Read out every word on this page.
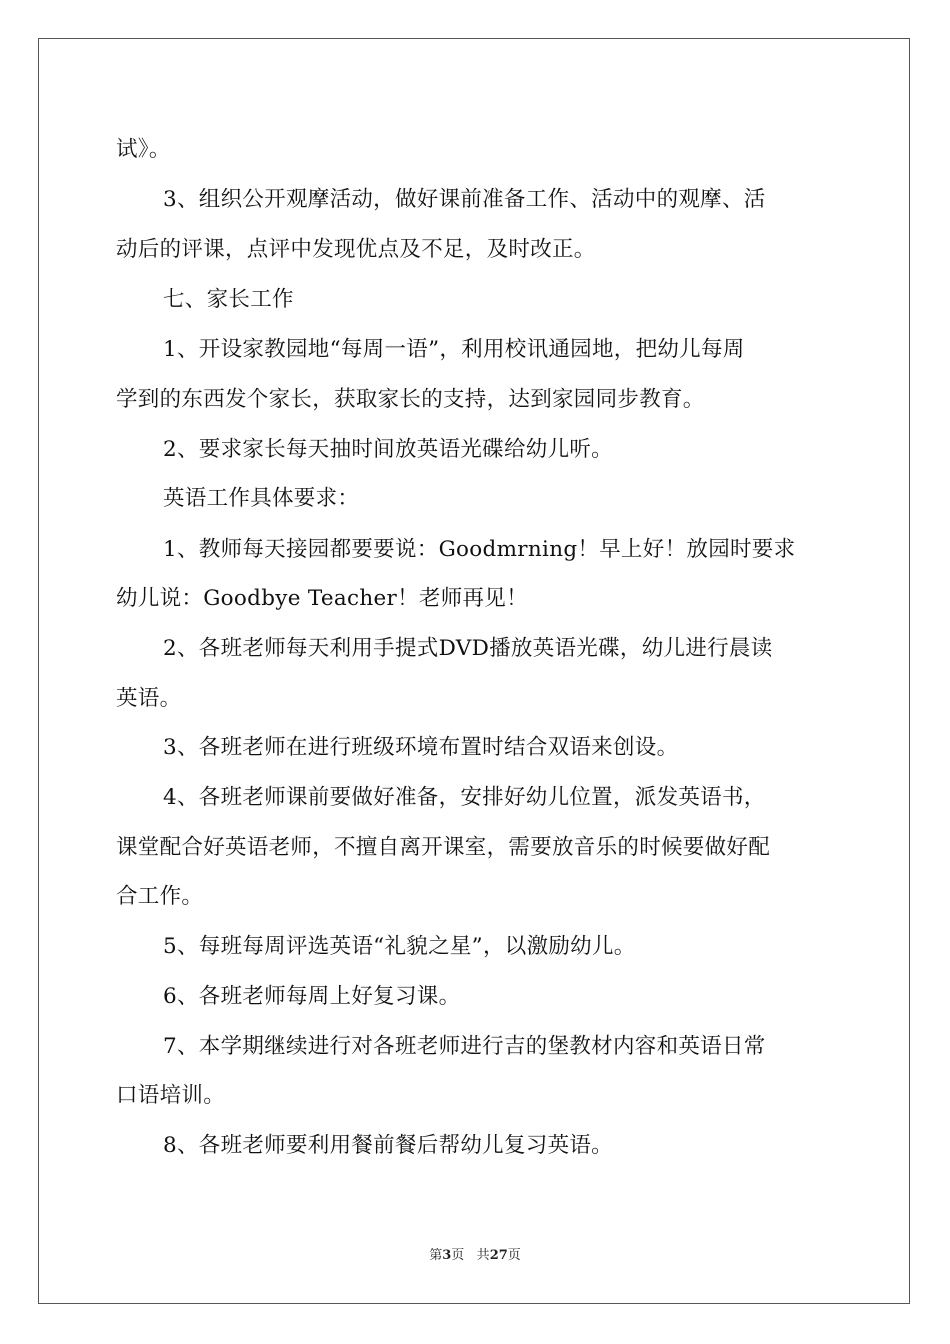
试》。
3、组织公开观摩活动，做好课前准备工作、活动中的观摩、活
动后的评课，点评中发现优点及不足，及时改正。
七、家长工作
1、开设家教园地“每周一语”，利用校讯通园地，把幼儿每周
学到的东西发个家长，获取家长的支持，达到家园同步教育。
2、要求家长每天抽时间放英语光碟给幼儿听。
英语工作具体要求：
1、教师每天接园都要要说：Goodmrning！早上好！放园时要求
幼儿说：Goodbye Teacher！老师再见！
2、各班老师每天利用手提式DVD播放英语光碟，幼儿进行晨读
英语。
3、各班老师在进行班级环境布置时结合双语来创设。
4、各班老师课前要做好准备，安排好幼儿位置，派发英语书，
课堂配合好英语老师，不擅自离开课室，需要放音乐的时候要做好配
合工作。
5、每班每周评选英语“礼貌之星”，以激励幼儿。
6、各班老师每周上好复习课。
7、本学期继续进行对各班老师进行吉的堡教材内容和英语日常
口语培训。
8、各班老师要利用餐前餐后帮幼儿复习英语。
第3页 共27页
